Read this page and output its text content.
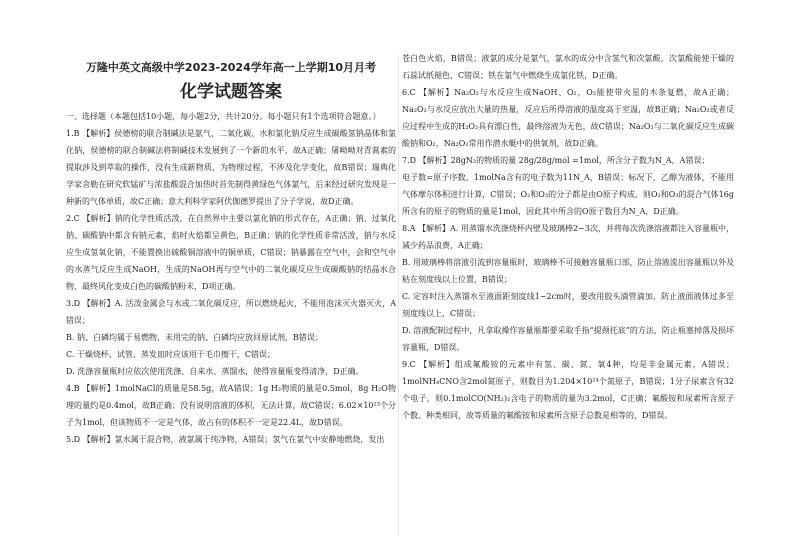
万隆中英文高级中学2023-2024学年高一上学期10月月考
化学试题答案

一、选择题（本题包括10小题，每小题2分，共计20分。每小题只有1个选项符合题意。）

1.B 【解析】侯德榜的联合制碱法是氨气、二氧化碳、水和氯化钠反应生成碳酸氢钠晶体和氯化钠，侯德榜的联合制碱法将制碱技术发展到了一个新的水平，故A正确；屠呦呦对青蒿素的提取涉及到萃取的操作，没有生成新物质，为物理过程，不涉及化学变化，故B错误；瑞典化学家舍勒在研究软锰矿与浓盐酸混合加热时首先制得黄绿色气体氯气，后来经过研究发现是一种新的气体单质，故C正确；意大利科学家阿伏伽德罗提出了分子学说，故D正确。

2.C 【解析】钠的化学性质活泼，在自然界中主要以氯化钠的形式存在，A正确；钠、过氧化钠、碳酸钠中都含有钠元素，焰时火焰都呈黄色，B正确；钠的化学性质非常活泼，钠与水反应生成氢氧化钠，不能置换出硫酸铜溶液中的铜单质，C错误；钠暴露在空气中，会和空气中的水蒸气反应生成NaOH，生成的NaOH再与空气中的二氧化碳反应生成碳酸钠的结晶水合物，最终风化变成白色的碳酸钠粉末，D项正确。

3.D 【解析】A. 活泼金属会与水或二氧化碳反应，所以燃烧起火，不能用泡沫灭火器灭火，A错误；

B. 钠、白磷均属于易燃物，未用完的钠、白磷均应放回原试剂，B错误；

C. 干燥烧杯、试管、蒸发皿时应该用干毛巾擦干，C错误；

D. 洗涤容量瓶时应依次使用洗涤、自来水、蒸馏水，使得容量瓶变得清净，D正确。

4.B 【解析】1molNaCl的质量是58.5g，故A错误；1g H₂物质的量是0.5mol，8g H₂O物理的量约是0.4mol，故B正确；没有说明溶液的体积，无法计算，故C错误；6.02×10²³个分子为1mol，但该物质不一定是气体，故占有的体积不一定是22.4L，故D错误。

5.D 【解析】氯水属于混合物，液氯属于纯净物，A错误；氢气在氯气中安静地燃烧，发出

苍白色火焰，B错误；液氯的成分是氯气，氯水的成分中含氢气和次氯酸，次氯酸能使干燥的石蕊试纸褪色，C错误；铁在氯气中燃烧生成氯化铁，D正确。

6.C 【解析】Na₂O₂与水反应生成NaOH、O₂，O₂能使带火星的木条复燃，故A正确；Na₂O₂与水反应放出大量的热量，反应后所得溶液的温度高于室温，故B正确；Na₂O₂或者反应过程中生成的H₂O₂具有漂白性，最终溶液为无色，故C错误；Na₂O₂与二氧化碳反应生成碳酸钠和O₂，Na₂O₂常用作潜水艇中的供氧剂，故D正确。

7.D 【解析】28gN₂的物质的量 28g/28g/mol =1mol，所含分子数为N_A，A错误；

电子数=原子序数，1molNa含有的电子数为11N_A，B错误；标况下，乙醇为液体，不能用气体摩尔体积进行计算，C错误；O₂和O₃的分子都是由O原子构成，则O₂和O₃的混合气体16g所含有的原子的物质的量是1mol，因此其中所含的O原子数目为N_A，D正确。

8.A 【解析】A. 用蒸馏水洗涤烧杯内壁及玻璃棒2~3次，并将每次洗涤溶液都注入容量瓶中，减少药品浪费，A正确；

B. 用玻璃棒将溶液引流到容量瓶时，玻璃棒不可接触容量瓶口部，防止溶液流出容量瓶以外及粘在刻度线以上位置，B错误；

C. 定容时注入蒸馏水至液面距刻度线1~2cm时，要改用胶头滴管滴加，防止液面液体过多至刻度线以上，C错误；

D. 溶液配制过程中，凡拿取操作容量瓶都要采取手指“提颈托底”的方法，防止瓶塞掉落及损坏容量瓶，D错误。

9.C 【解析】组成氟酸铵的元素中有氢、碳、氮、氧4种，均是非金属元素，A错误；1molNH₄CNO含2mol氮原子，则数目为1.204×10²⁴个氮原子，B错误；1分子尿素含有32个电子，则0.1molCO(NH₂)₂含电子的物质的量为3.2mol，C正确；氟酸铵和尿素所含原子个数、种类相同，故等质量的氟酸铵和尿素所含原子总数是相等的，D错误。
